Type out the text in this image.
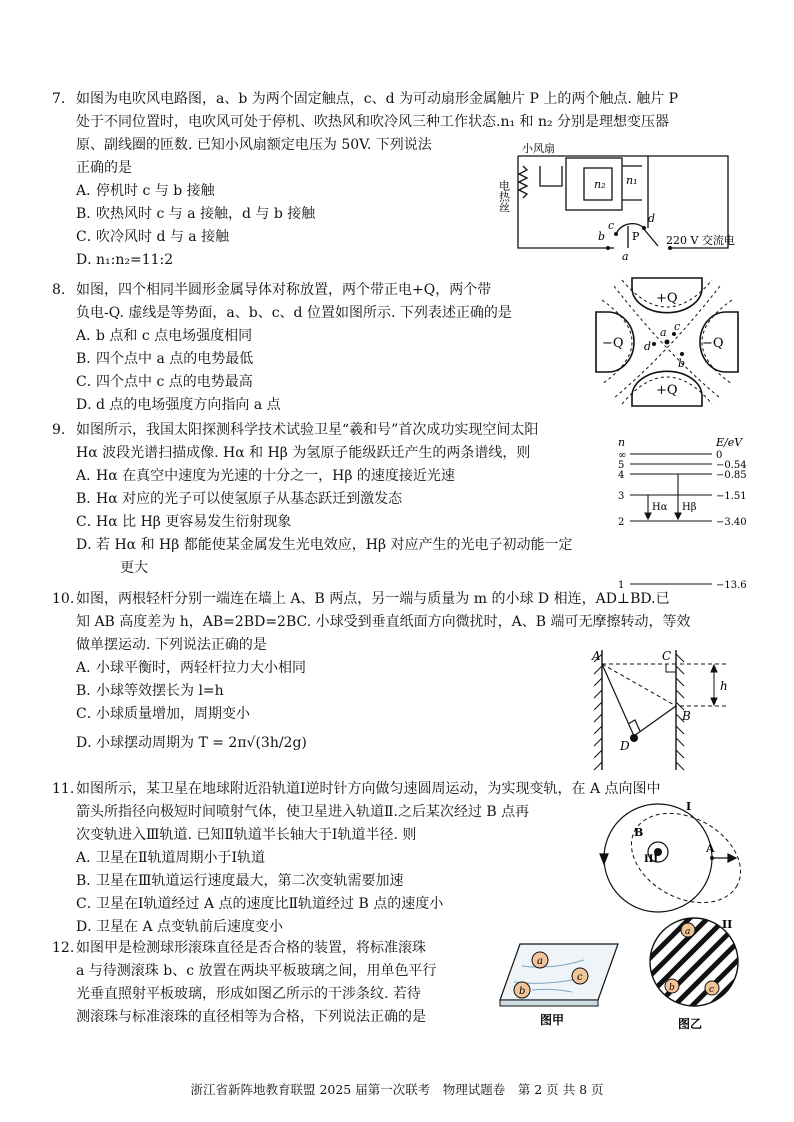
7. 如图为电吹风电路图，a、b 为两个固定触点，c、d 为可动扇形金属触片 P 上的两个触点. 触片 P
处于不同位置时，电吹风可处于停机、吹热风和吹冷风三种工作状态.n₁ 和 n₂ 分别是理想变压器
原、副线圈的匝数. 已知小风扇额定电压为 50V. 下列说法
正确的是
A．停机时 c 与 b 接触
B．吹热风时 c 与 a 接触，d 与 b 接触
C．吹冷风时 d 与 a 接触
D．n₁:n₂=11:2
小风扇
电热丝	n₂ n₁
c
d
P
b
a
220 V 交流电
8. 如图，四个相同半圆形金属导体对称放置，两个带正电+Q，两个带
负电-Q. 虚线是等势面，a、b、c、d 位置如图所示. 下列表述正确的是
A．b 点和 c 点电场强度相同
B．四个点中 a 点的电势最低
C．四个点中 c 点的电势最高
D．d 点的电场强度方向指向 a 点
+Q
+Q
−Q	−Q
a
b
c
d
9. 如图所示，我国太阳探测科学技术试验卫星“羲和号”首次成功实现空间太阳
Hα 波段光谱扫描成像. Hα 和 Hβ 为氢原子能级跃迁产生的两条谱线，则
A．Hα 在真空中速度为光速的十分之一，Hβ 的速度接近光速
B．Hα 对应的光子可以使氢原子从基态跃迁到激发态
C．Hα 比 Hβ 更容易发生衍射现象
D．若 Hα 和 Hβ 都能使某金属发生光电效应，Hβ 对应产生的光电子初动能一定
更大
n	E/eV
∞	0
5	−0.54
4	−0.85
3	−1.51
2	−3.40
1	−13.6
Hα Hβ
10. 如图，两根轻杆分别一端连在墙上 A、B 两点，另一端与质量为 m 的小球 D 相连，AD⊥BD.已
知 AB 高度差为 h，AB=2BD=2BC. 小球受到垂直纸面方向微扰时，A、B 端可无摩擦转动，等效
做单摆运动. 下列说法正确的是
A．小球平衡时，两轻杆拉力大小相同
B．小球等效摆长为 l=h
C．小球质量增加，周期变小
D．小球摆动周期为 T = 2π√(3h/2g)
A	C
B
D
h
11. 如图所示，某卫星在地球附近沿轨道Ⅰ逆时针方向做匀速圆周运动，为实现变轨，在 A 点向图中
箭头所指径向极短时间喷射气体，使卫星进入轨道Ⅱ.之后某次经过 B 点再
次变轨进入Ⅲ轨道. 已知Ⅱ轨道半长轴大于Ⅰ轨道半径. 则
A．卫星在Ⅱ轨道周期小于Ⅰ轨道
B．卫星在Ⅲ轨道运行速度最大，第二次变轨需要加速
C．卫星在Ⅰ轨道经过 A 点的速度比Ⅱ轨道经过 B 点的速度小
D．卫星在 A 点变轨前后速度变小
I
II
III
A
B
12. 如图甲是检测球形滚珠直径是否合格的装置，将标准滚珠
a 与待测滚珠 b、c 放置在两块平板玻璃之间，用单色平行
光垂直照射平板玻璃，形成如图乙所示的干涉条纹. 若待
测滚珠与标准滚珠的直径相等为合格，下列说法正确的是
a
b
c
图甲
a
b	c
图乙
浙江省新阵地教育联盟 2025 届第一次联考　物理试题卷　第 2 页 共 8 页
